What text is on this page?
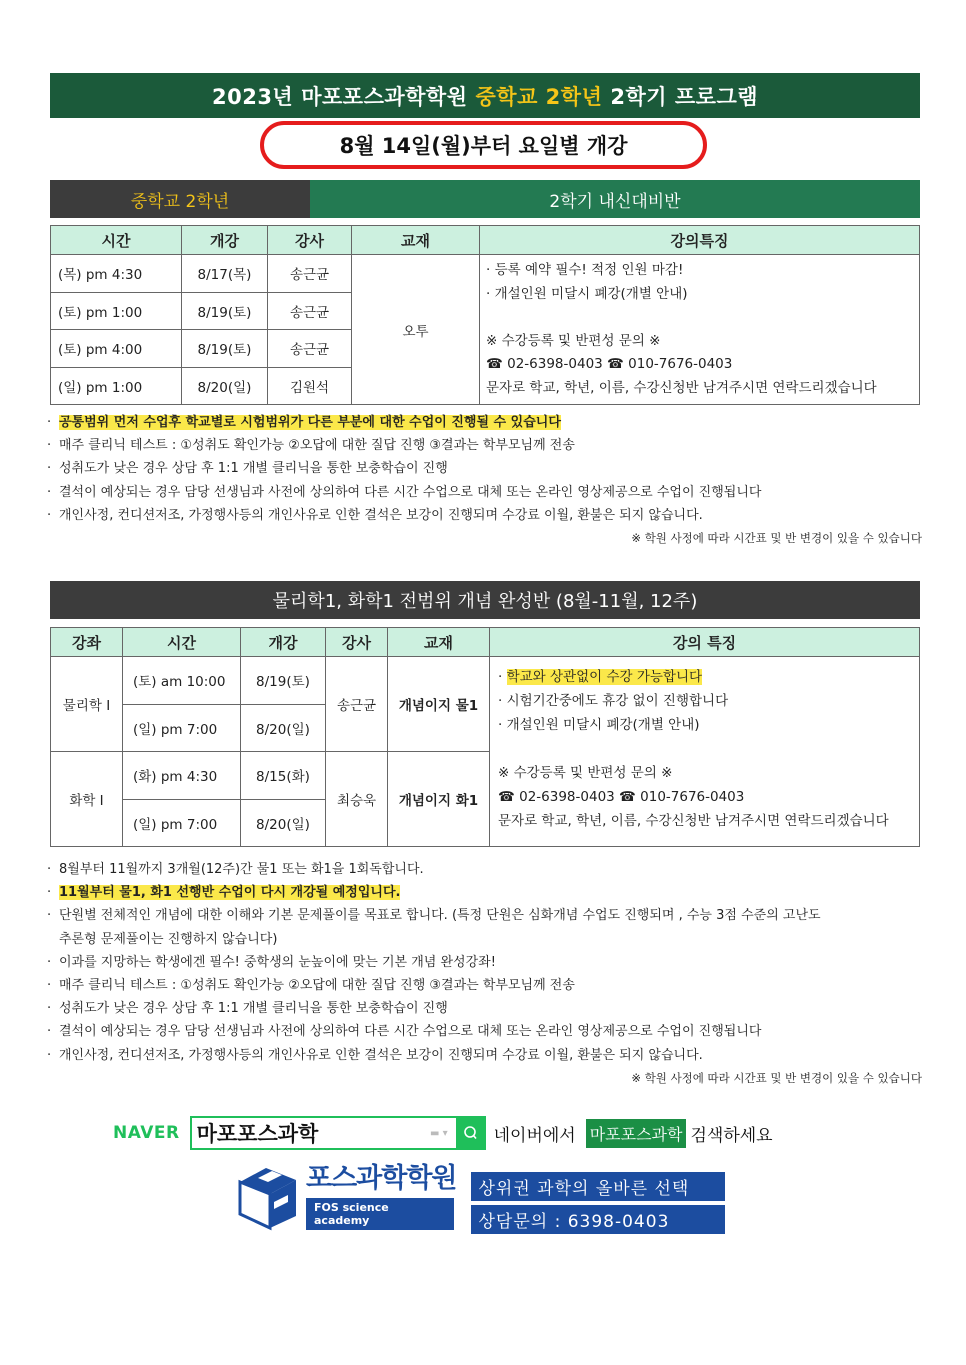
2023년 마포포스과학학원 중학교 2학년 2학기 프로그램
8월 14일(월)부터 요일별 개강
중학교 2학년	2학기 내신대비반
시간	개강	강사	교재	강의특징
(목) pm 4:30	8/17(목)	송근균	오투	· 등록 예약 필수! 적정 인원 마감!
· 개설인원 미달시 폐강(개별 안내)
※ 수강등록 및 반편성 문의 ※
☎ 02-6398-0403 ☎ 010-7676-0403
문자로 학교, 학년, 이름, 수강신청반 남겨주시면 연락드리겠습니다

(토) pm 1:00	8/19(토)	송근균		
(토) pm 4:00	8/19(토)	송근균		
(일) pm 1:00	8/20(일)	김원석		
· 공통범위 먼저 수업후 학교별로 시험범위가 다른 부분에 대한 수업이 진행될 수 있습니다
· 매주 클리닉 테스트 : ①성취도 확인가능 ②오답에 대한 질답 진행 ③결과는 학부모님께 전송
· 성취도가 낮은 경우 상담 후 1:1 개별 클리닉을 통한 보충학습이 진행
· 결석이 예상되는 경우 담당 선생님과 사전에 상의하여 다른 시간 수업으로 대체 또는 온라인 영상제공으로 수업이 진행됩니다
· 개인사정, 컨디션저조, 가정행사등의 개인사유로 인한 결석은 보강이 진행되며 수강료 이월, 환불은 되지 않습니다.
※ 학원 사정에 따라 시간표 및 반 변경이 있을 수 있습니다
물리학1, 화학1 전범위 개념 완성반 (8월-11월, 12주)
강좌	시간	개강	강사	교재	강의 특징
물리학 Ⅰ	(토) am 10:00	8/19(토)	송근균	개념이지 물1	
· 학교와 상관없이 수강 가능합니다
· 시험기간중에도 휴강 없이 진행합니다
· 개설인원 미달시 폐강(개별 안내)
※ 수강등록 및 반편성 문의 ※
☎ 02-6398-0403 ☎ 010-7676-0403
문자로 학교, 학년, 이름, 수강신청반 남겨주시면 연락드리겠습니다

	(일) pm 7:00	8/20(일)			
화학 Ⅰ	(화) pm 4:30	8/15(화)	최승욱	개념이지 화1	
	(일) pm 7:00	8/20(일)			
· 8월부터 11월까지 3개월(12주)간 물1 또는 화1을 1회독합니다.
· 11월부터 물1, 화1 선행반 수업이 다시 개강될 예정입니다.
· 단원별 전체적인 개념에 대한 이해와 기본 문제풀이를 목표로 합니다. (특정 단원은 심화개념 수업도 진행되며 , 수능 3점 수준의 고난도
추론형 문제풀이는 진행하지 않습니다)
· 이과를 지망하는 학생에겐 필수! 중학생의 눈높이에 맞는 기본 개념 완성강좌!
· 매주 클리닉 테스트 : ①성취도 확인가능 ②오답에 대한 질답 진행 ③결과는 학부모님께 전송
· 성취도가 낮은 경우 상담 후 1:1 개별 클리닉을 통한 보충학습이 진행
· 결석이 예상되는 경우 담당 선생님과 사전에 상의하여 다른 시간 수업으로 대체 또는 온라인 영상제공으로 수업이 진행됩니다
· 개인사정, 컨디션저조, 가정행사등의 개인사유로 인한 결석은 보강이 진행되며 수강료 이월, 환불은 되지 않습니다.
※ 학원 사정에 따라 시간표 및 반 변경이 있을 수 있습니다
NAVER 마포포스과학	▬ ▾	네이버에서 마포포스과학 검색하세요
포스과학학원
FOS science academy
상위권 과학의 올바른 선택
상담문의 : 6398-0403
